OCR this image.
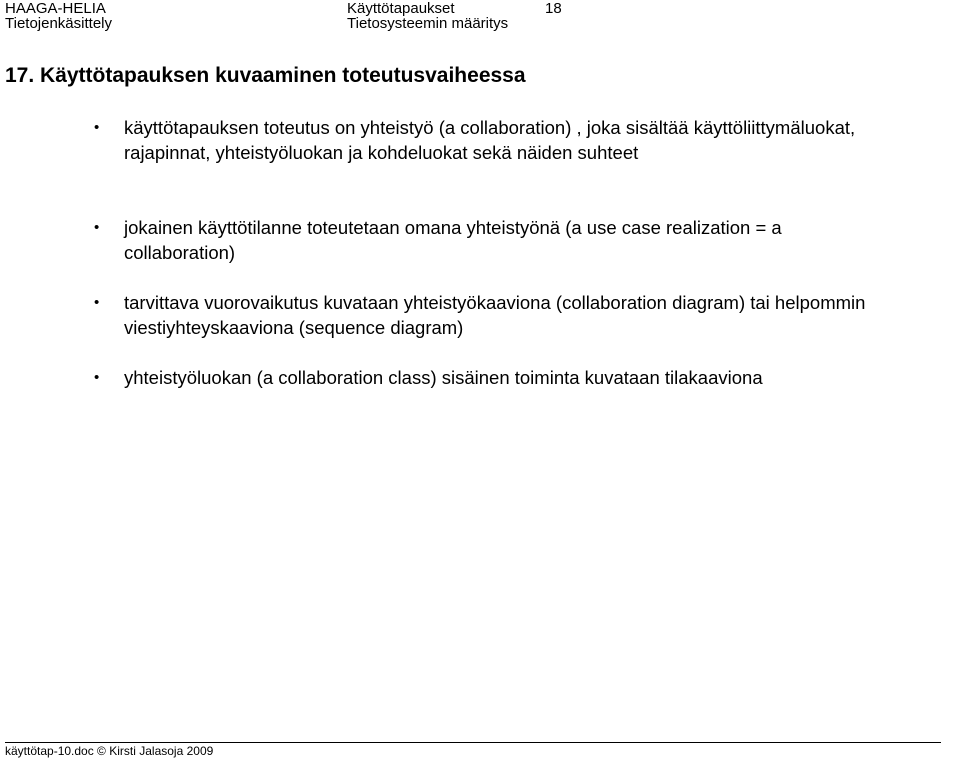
HAAGA-HELIA
Tietojenkäsittely
Käyttötapaukset
Tietosysteemin määritys
18
17. Käyttötapauksen kuvaaminen toteutusvaiheessa
• käyttötapauksen toteutus on yhteistyö (a collaboration) , joka sisältää käyttöliittymäluokat, rajapinnat, yhteistyöluokan ja kohdeluokat sekä näiden suhteet
• jokainen käyttötilanne toteutetaan omana yhteistyönä (a use case realization = a collaboration)
• tarvittava vuorovaikutus kuvataan yhteistyökaaviona (collaboration diagram) tai helpommin viestiyhteyskaaviona (sequence diagram)
• yhteistyöluokan (a collaboration class) sisäinen toiminta kuvataan tilakaaviona
käyttötap-10.doc © Kirsti Jalasoja 2009
